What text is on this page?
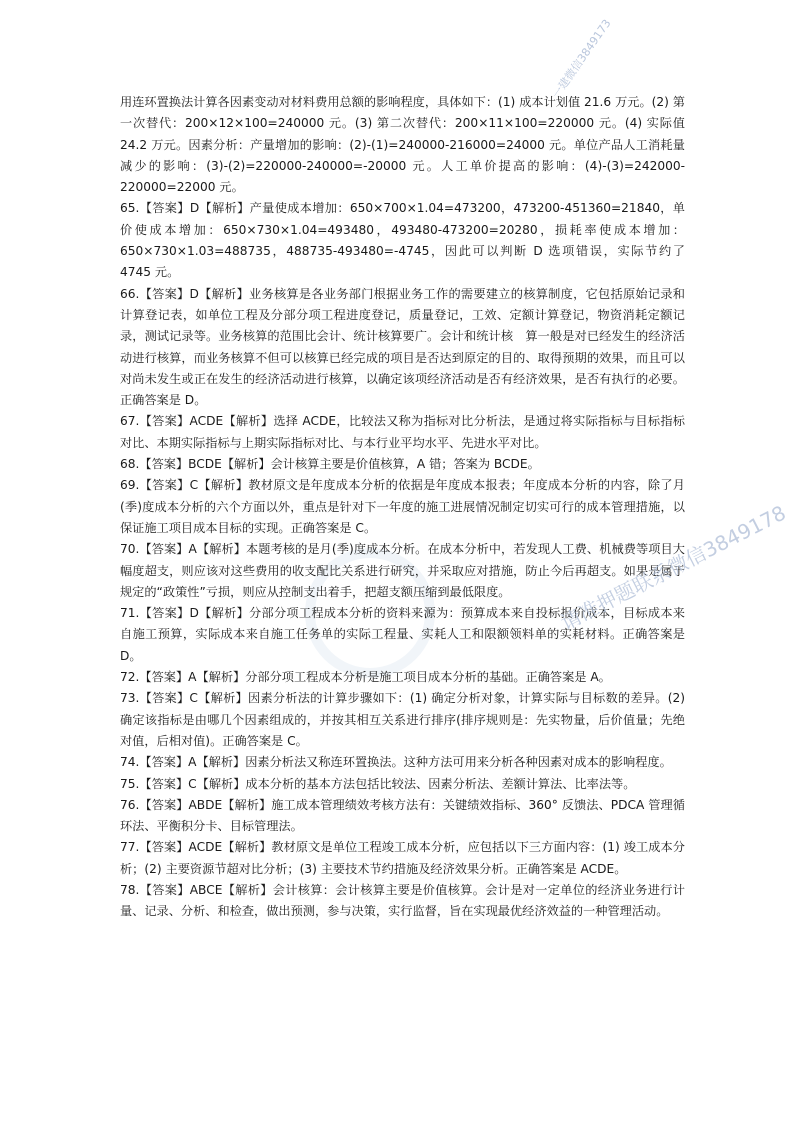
用连环置换法计算各因素变动对材料费用总额的影响程度，具体如下：(1) 成本计划值 21.6 万元。(2) 第一次替代：200×12×100=240000 元。(3) 第二次替代：200×11×100=220000 元。(4) 实际值 24.2 万元。因素分析：产量增加的影响：(2)-(1)=240000-216000=24000 元。单位产品人工消耗量减少的影响：(3)-(2)=220000-240000=-20000 元。人工单价提高的影响：(4)-(3)=242000-220000=22000 元。

65.【答案】D【解析】产量使成本增加：650×700×1.04=473200，473200-451360=21840，单价使成本增加：650×730×1.04=493480，493480-473200=20280，损耗率使成本增加：650×730×1.03=488735，488735-493480=-4745，因此可以判断 D 选项错误，实际节约了 4745 元。

66.【答案】D【解析】业务核算是各业务部门根据业务工作的需要建立的核算制度，它包括原始记录和计算登记表，如单位工程及分部分项工程进度登记，质量登记，工效、定额计算登记，物资消耗定额记录，测试记录等。业务核算的范围比会计、统计核算要广。会计和统计核　算一般是对已经发生的经济活动进行核算，而业务核算不但可以核算已经完成的项目是否达到原定的目的、取得预期的效果，而且可以对尚未发生或正在发生的经济活动进行核算，以确定该项经济活动是否有经济效果，是否有执行的必要。正确答案是 D。

67.【答案】ACDE【解析】选择 ACDE，比较法又称为指标对比分析法，是通过将实际指标与目标指标对比、本期实际指标与上期实际指标对比、与本行业平均水平、先进水平对比。

68.【答案】BCDE【解析】会计核算主要是价值核算，A 错；答案为 BCDE。

69.【答案】C【解析】教材原文是年度成本分析的依据是年度成本报表；年度成本分析的内容，除了月(季)度成本分析的六个方面以外，重点是针对下一年度的施工进展情况制定切实可行的成本管理措施，以保证施工项目成本目标的实现。正确答案是 C。

70.【答案】A【解析】本题考核的是月(季)度成本分析。在成本分析中，若发现人工费、机械费等项目大幅度超支，则应该对这些费用的收支配比关系进行研究，并采取应对措施，防止今后再超支。如果是属于规定的“政策性”亏损，则应从控制支出着手，把超支额压缩到最低限度。

71.【答案】D【解析】分部分项工程成本分析的资料来源为：预算成本来自投标报价成本，目标成本来自施工预算，实际成本来自施工任务单的实际工程量、实耗人工和限额领料单的实耗材料。正确答案是 D。

72.【答案】A【解析】分部分项工程成本分析是施工项目成本分析的基础。正确答案是 A。

73.【答案】C【解析】因素分析法的计算步骤如下：(1) 确定分析对象，计算实际与目标数的差异。(2) 确定该指标是由哪几个因素组成的，并按其相互关系进行排序(排序规则是：先实物量，后价值量；先绝对值，后相对值)。正确答案是 C。

74.【答案】A【解析】因素分析法又称连环置换法。这种方法可用来分析各种因素对成本的影响程度。

75.【答案】C【解析】成本分析的基本方法包括比较法、因素分析法、差额计算法、比率法等。

76.【答案】ABDE【解析】施工成本管理绩效考核方法有：关键绩效指标、360° 反馈法、PDCA 管理循环法、平衡积分卡、目标管理法。

77.【答案】ACDE【解析】教材原文是单位工程竣工成本分析，应包括以下三方面内容：(1) 竣工成本分析；(2) 主要资源节超对比分析；(3) 主要技术节约措施及经济效果分析。正确答案是 ACDE。

78.【答案】ABCE【解析】会计核算：会计核算主要是价值核算。会计是对一定单位的经济业务进行计量、记录、分析、和检查，做出预测，参与决策，实行监督，旨在实现最优经济效益的一种管理活动。

一建微信3849173
请准押题联系微信3849178
